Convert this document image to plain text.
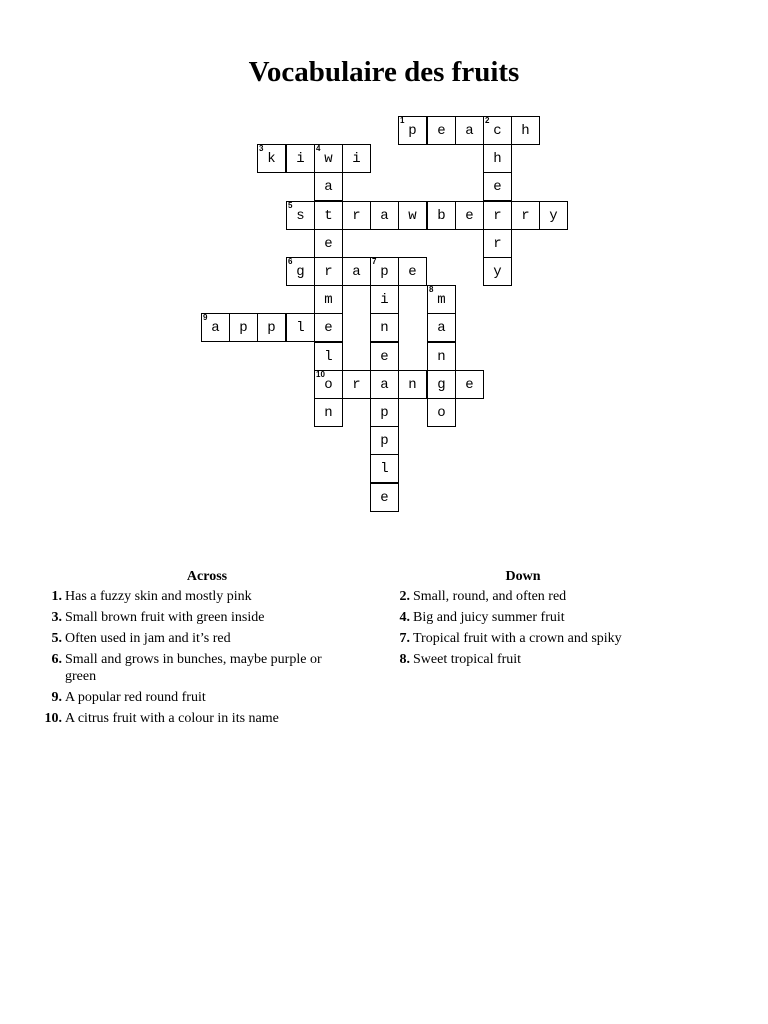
Vocabulaire des fruits
1
p	e	a
2
c	h
3
k	i
4
w	i	h
a	e
5
s	t	r	a	w	b	e	r	r	y
e	r
6
g	r	a
7
p	e	y
m	i
8
m
9
a	p	p	l	e	n	a
l	e	n
10
o	r	a	n	g	e
n	p	o
p
l
e
Across
1. Has a fuzzy skin and mostly pink
3. Small brown fruit with green inside
5. Often used in jam and it’s red
6. Small and grows in bunches, maybe purple or green
9. A popular red round fruit
10. A citrus fruit with a colour in its name
Down
2. Small, round, and often red
4. Big and juicy summer fruit
7. Tropical fruit with a crown and spiky
8. Sweet tropical fruit
